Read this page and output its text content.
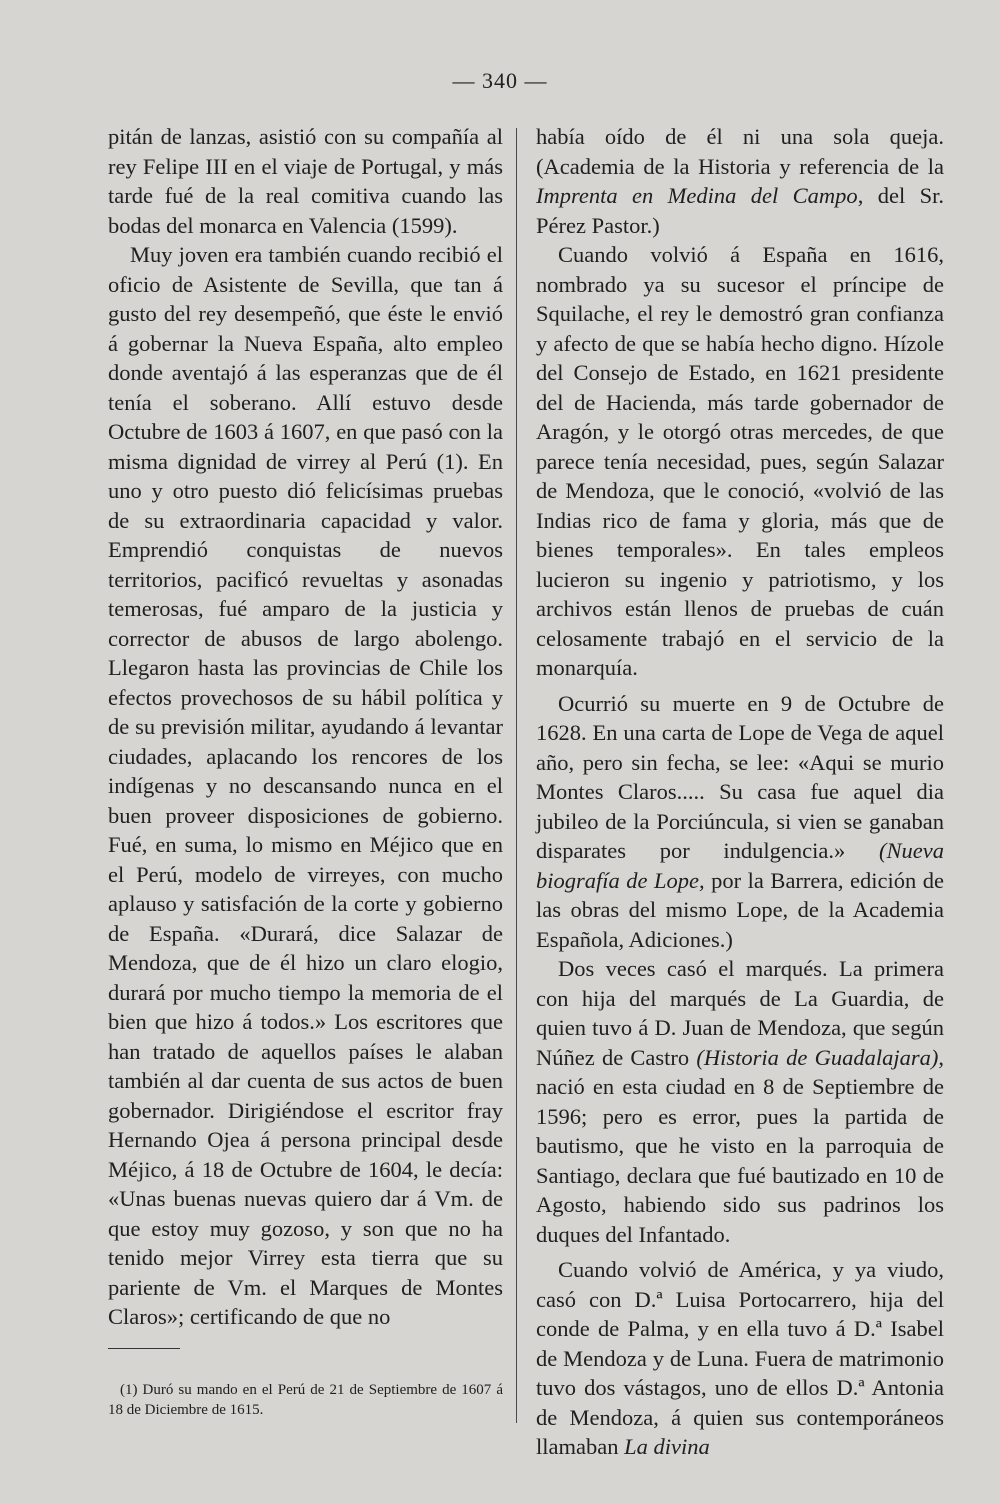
— 340 —

pitán de lanzas, asistió con su compañía al rey Felipe III en el viaje de Portugal, y más tarde fué de la real comitiva cuando las bodas del monarca en Valencia (1599).

Muy joven era también cuando recibió el oficio de Asistente de Sevilla, que tan á gusto del rey desempeñó, que éste le envió á gobernar la Nueva España, alto empleo donde aventajó á las esperanzas que de él tenía el soberano. Allí estuvo desde Octubre de 1603 á 1607, en que pasó con la misma dignidad de virrey al Perú (1). En uno y otro puesto dió felicísimas pruebas de su extraordinaria capacidad y valor. Emprendió conquistas de nuevos territorios, pacificó revueltas y asonadas temerosas, fué amparo de la justicia y corrector de abusos de largo abolengo. Llegaron hasta las provincias de Chile los efectos provechosos de su hábil política y de su previsión militar, ayudando á levantar ciudades, aplacando los rencores de los indígenas y no descansando nunca en el buen proveer disposiciones de gobierno. Fué, en suma, lo mismo en Méjico que en el Perú, modelo de virreyes, con mucho aplauso y satisfación de la corte y gobierno de España. «Durará, dice Salazar de Mendoza, que de él hizo un claro elogio, durará por mucho tiempo la memoria de el bien que hizo á todos.» Los escritores que han tratado de aquellos países le alaban también al dar cuenta de sus actos de buen gobernador. Dirigiéndose el escritor fray Hernando Ojea á persona principal desde Méjico, á 18 de Octubre de 1604, le decía: «Unas buenas nuevas quiero dar á Vm. de que estoy muy gozoso, y son que no ha tenido mejor Virrey esta tierra que su pariente de Vm. el Marques de Montes Claros»; certificando de que no

había oído de él ni una sola queja. (Academia de la Historia y referencia de la Imprenta en Medina del Campo, del Sr. Pérez Pastor.)

Cuando volvió á España en 1616, nombrado ya su sucesor el príncipe de Squilache, el rey le demostró gran confianza y afecto de que se había hecho digno. Hízole del Consejo de Estado, en 1621 presidente del de Hacienda, más tarde gobernador de Aragón, y le otorgó otras mercedes, de que parece tenía necesidad, pues, según Salazar de Mendoza, que le conoció, «volvió de las Indias rico de fama y gloria, más que de bienes temporales». En tales empleos lucieron su ingenio y patriotismo, y los archivos están llenos de pruebas de cuán celosamente trabajó en el servicio de la monarquía.

Ocurrió su muerte en 9 de Octubre de 1628. En una carta de Lope de Vega de aquel año, pero sin fecha, se lee: «Aqui se murio Montes Claros..... Su casa fue aquel dia jubileo de la Porciúncula, si vien se ganaban disparates por indulgencia.» (Nueva biografía de Lope, por la Barrera, edición de las obras del mismo Lope, de la Academia Española, Adiciones.)

Dos veces casó el marqués. La primera con hija del marqués de La Guardia, de quien tuvo á D. Juan de Mendoza, que según Núñez de Castro (Historia de Guadalajara), nació en esta ciudad en 8 de Septiembre de 1596; pero es error, pues la partida de bautismo, que he visto en la parroquia de Santiago, declara que fué bautizado en 10 de Agosto, habiendo sido sus padrinos los duques del Infantado.

Cuando volvió de América, y ya viudo, casó con D.ª Luisa Portocarrero, hija del conde de Palma, y en ella tuvo á D.ª Isabel de Mendoza y de Luna. Fuera de matrimonio tuvo dos vástagos, uno de ellos D.ª Antonia de Mendoza, á quien sus contemporáneos llamaban La divina

(1) Duró su mando en el Perú de 21 de Septiembre de 1607 á 18 de Diciembre de 1615.
